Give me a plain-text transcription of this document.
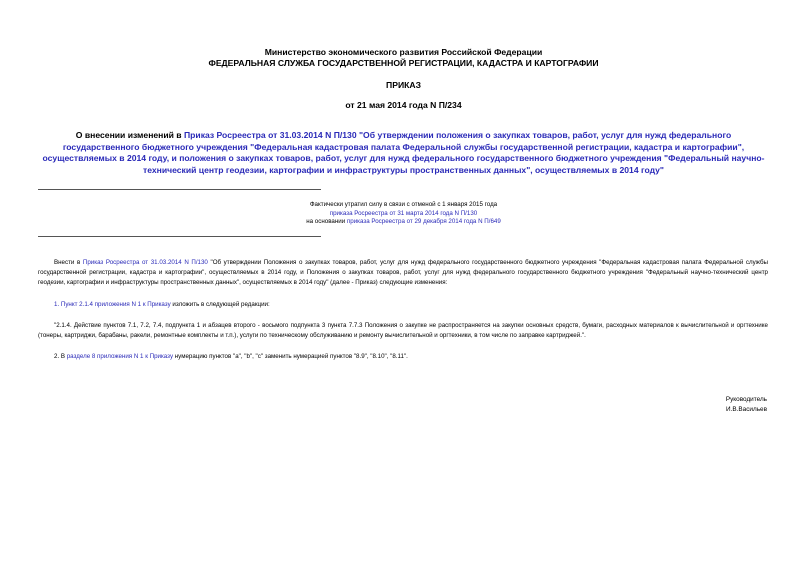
Министерство экономического развития Российской Федерации
ФЕДЕРАЛЬНАЯ СЛУЖБА ГОСУДАРСТВЕННОЙ РЕГИСТРАЦИИ, КАДАСТРА И КАРТОГРАФИИ
ПРИКАЗ
от 21 мая 2014 года N П/234
О внесении изменений в Приказ Росреестра от 31.03.2014 N П/130 "Об утверждении положения о закупках товаров, работ, услуг для нужд федерального государственного бюджетного учреждения "Федеральная кадастровая палата Федеральной службы государственной регистрации, кадастра и картографии", осуществляемых в 2014 году, и положения о закупках товаров, работ, услуг для нужд федерального государственного бюджетного учреждения "Федеральный научно-технический центр геодезии, картографии и инфраструктуры пространственных данных", осуществляемых в 2014 году"
Фактически утратил силу в связи с отменой с 1 января 2015 года
приказа Росреестра от 31 марта 2014 года N П/130
на основании приказа Росреестра от 29 декабря 2014 года N П/649
Внести в Приказ Росреестра от 31.03.2014 N П/130 "Об утверждении Положения о закупках товаров, работ, услуг для нужд федерального государственного бюджетного учреждения "Федеральная кадастровая палата Федеральной службы государственной регистрации, кадастра и картографии", осуществляемых в 2014 году, и Положения о закупках товаров, работ, услуг для нужд федерального государственного бюджетного учреждения "Федеральный научно-технический центр геодезии, картографии и инфраструктуры пространственных данных", осуществляемых в 2014 году" (далее - Приказ) следующие изменения:
1. Пункт 2.1.4 приложения N 1 к Приказу изложить в следующей редакции:
"2.1.4. Действие пунктов 7.1, 7.2, 7.4, подпункта 1 и абзацев второго - восьмого подпункта 3 пункта 7.7.3 Положения о закупке не распространяется на закупки основных средств, бумаги, расходных материалов к вычислительной и оргтехнике (тонеры, картриджи, барабаны, ракели, ремонтные комплекты и т.п.), услуги по техническому обслуживанию и ремонту вычислительной и оргтехники, в том числе по заправке картриджей.".
2. В разделе 8 приложения N 1 к Приказу нумерацию пунктов "a", "b", "c" заменить нумерацией пунктов "8.9", "8.10", "8.11".
Руководитель
И.В.Васильев
